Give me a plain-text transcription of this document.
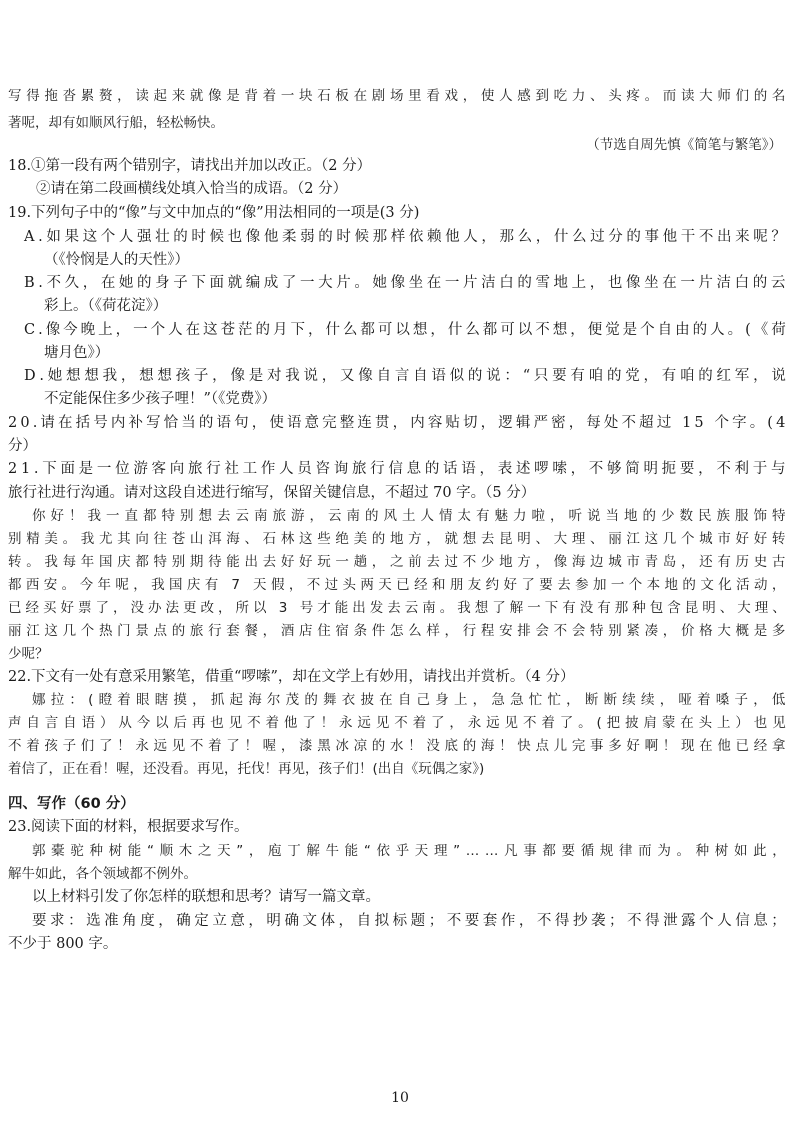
写 得 拖 沓 累 赘 ， 读 起 来 就 像 是 背 着 一 块 石 板 在 剧 场 里 看 戏 ， 使 人 感 到 吃 力 、 头 疼 。 而 读 大 师 们 的 名
著呢，却有如顺风行船，轻松畅快。
（节选自周先慎《简笔与繁笔》）
18.①第一段有两个错别字，请找出并加以改正。（2 分）
②请在第二段画横线处填入恰当的成语。（2 分）
19.下列句子中的“像”与文中加点的“像”用法相同的一项是(3 分)
A . 如 果 这 个 人 强 壮 的 时 候 也 像 他 柔 弱 的 时 候 那 样 依 赖 他 人 ， 那 么 ， 什 么 过 分 的 事 他 干 不 出 来 呢 ？
（《怜悯是人的天性》）
B . 不 久 ， 在 她 的 身 子 下 面 就 编 成 了 一 大 片 。 她 像 坐 在 一 片 洁 白 的 雪 地 上 ， 也 像 坐 在 一 片 洁 白 的 云
彩上。（《荷花淀》）
C . 像 今 晚 上 ， 一 个 人 在 这 苍 茫 的 月 下 ， 什 么 都 可 以 想 ， 什 么 都 可 以 不 想 ， 便 觉 是 个 自 由 的 人 。 ( 《 荷
塘月色》）
D . 她 想 想 我 ， 想 想 孩 子 ， 像 是 对 我 说 ， 又 像 自 言 自 语 似 的 说 ： “ 只 要 有 咱 的 党 ， 有 咱 的 红 军 ， 说
不定能保住多少孩子哩！”（《党费》）
2 0 . 请 在 括 号 内 补 写 恰 当 的 语 句 ， 使 语 意 完 整 连 贯 ， 内 容 贴 切 ， 逻 辑 严 密 ， 每 处 不 超 过
1 5
个 字 。 ( 4
分）
2 1 . 下 面 是 一 位 游 客 向 旅 行 社 工 作 人 员 咨 询 旅 行 信 息 的 话 语 ， 表 述 啰 嗦 ， 不 够 简 明 扼 要 ， 不 利 于 与
旅行社进行沟通。请对这段自述进行缩写，保留关键信息，不超过 70 字。（5 分）
你 好 ！ 我 一 直 都 特 别 想 去 云 南 旅 游 ， 云 南 的 风 土 人 情 太 有 魅 力 啦 ， 听 说 当 地 的 少 数 民 族 服 饰 特
别 精 美 。 我 尤 其 向 往 苍 山 洱 海 、 石 林 这 些 绝 美 的 地 方 ， 就 想 去 昆 明 、 大 理 、 丽 江 这 几 个 城 市 好 好 转
转 。 我 每 年 国 庆 都 特 别 期 待 能 出 去 好 好 玩 一 趟 ， 之 前 去 过 不 少 地 方 ， 像 海 边 城 市 青 岛 ， 还 有 历 史 古
都 西 安 。 今 年 呢 ， 我 国 庆 有
7
天 假 ， 不 过 头 两 天 已 经 和 朋 友 约 好 了 要 去 参 加 一 个 本 地 的 文 化 活 动 ，
已 经 买 好 票 了 ， 没 办 法 更 改 ， 所 以
3
号 才 能 出 发 去 云 南 。 我 想 了 解 一 下 有 没 有 那 种 包 含 昆 明 、 大 理 、
丽 江 这 几 个 热 门 景 点 的 旅 行 套 餐 ， 酒 店 住 宿 条 件 怎 么 样 ， 行 程 安 排 会 不 会 特 别 紧 凑 ， 价 格 大 概 是 多
少呢？
22.下文有一处有意采用繁笔，借重“啰嗦”，却在文学上有妙用，请找出并赏析。（4 分）
娜 拉 ： ( 瞪 着 眼 瞎 摸 ， 抓 起 海 尔 茂 的 舞 衣 披 在 自 己 身 上 ， 急 急 忙 忙 ， 断 断 续 续 ， 哑 着 嗓 子 ， 低
声 自 言 自 语 ） 从 今 以 后 再 也 见 不 着 他 了 ！ 永 远 见 不 着 了 ， 永 远 见 不 着 了 。 ( 把 披 肩 蒙 在 头 上 ） 也 见
不 着 孩 子 们 了 ！ 永 远 见 不 着 了 ！ 喔 ， 漆 黑 冰 凉 的 水 ！ 没 底 的 海 ！ 快 点 儿 完 事 多 好 啊 ！ 现 在 他 已 经 拿
着信了，正在看！喔，还没看。再见，托伐！再见，孩子们！(出自《玩偶之家》)
四、写作（60 分）
23.阅读下面的材料，根据要求写作。
郭 橐 驼 种 树 能 “ 顺 木 之 天 ” ， 庖 丁 解 牛 能 “ 依 乎 天 理 ” … … 凡 事 都 要 循 规 律 而 为 。 种 树 如 此 ，
解牛如此，各个领域都不例外。
以上材料引发了你怎样的联想和思考？请写一篇文章。
要 求 ： 选 准 角 度 ， 确 定 立 意 ， 明 确 文 体 ， 自 拟 标 题 ； 不 要 套 作 ， 不 得 抄 袭 ； 不 得 泄 露 个 人 信 息 ；
不少于 800 字。
10
